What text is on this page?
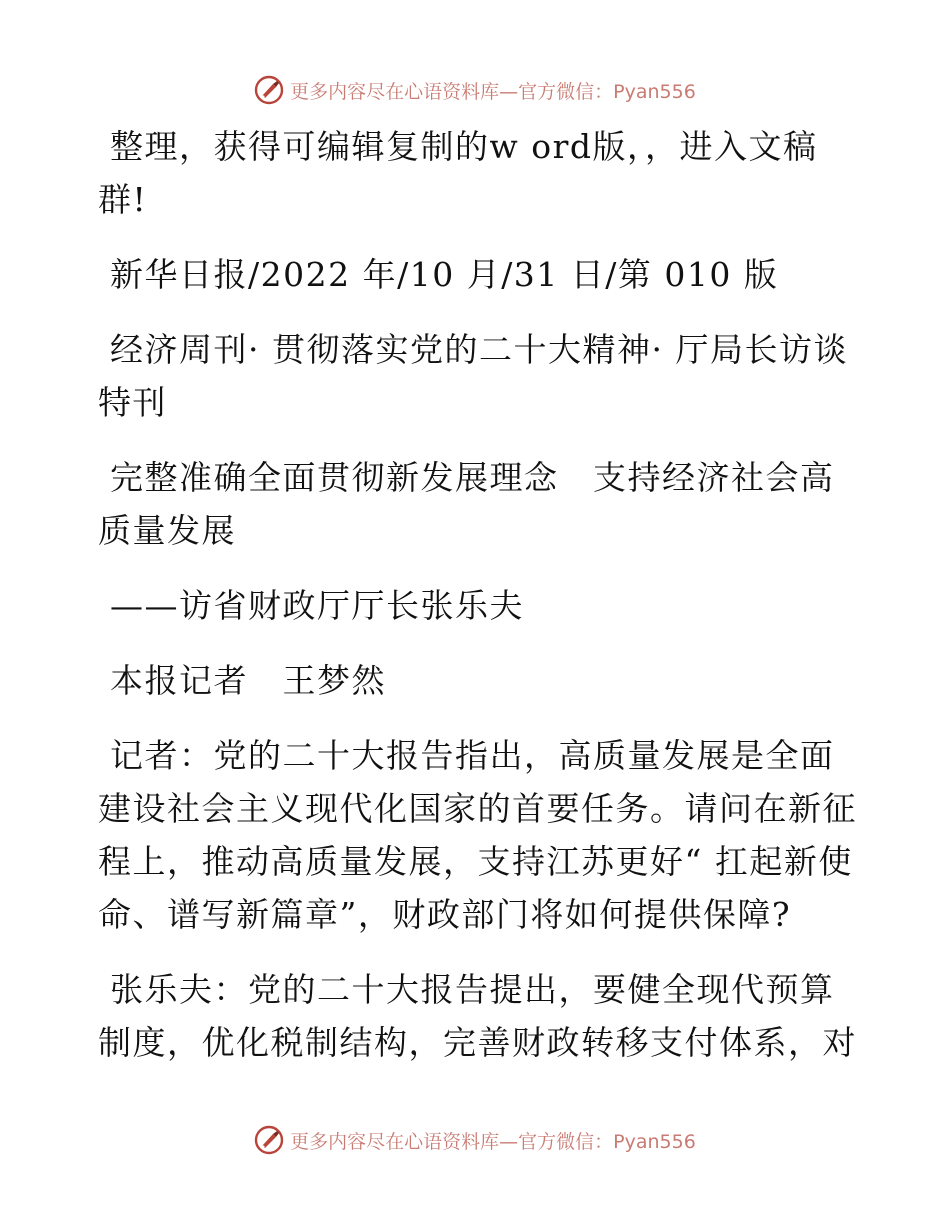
更多内容尽在心语资料库—官方微信：Pyan556

整理，获得可编辑复制的w ord版，，进入文稿群!

新华日报/2022 年/10 月/31 日/第 010 版

经济周刊· 贯彻落实党的二十大精神· 厅局长访谈特刊

完整准确全面贯彻新发展理念　支持经济社会高质量发展

——访省财政厅厅长张乐夫

本报记者　王梦然

记者：党的二十大报告指出，高质量发展是全面建设社会主义现代化国家的首要任务。请问在新征程上，推动高质量发展，支持江苏更好“ 扛起新使命、谱写新篇章”，财政部门将如何提供保障?

张乐夫：党的二十大报告提出，要健全现代预算制度，优化税制结构，完善财政转移支付体系，对

更多内容尽在心语资料库—官方微信：Pyan556
